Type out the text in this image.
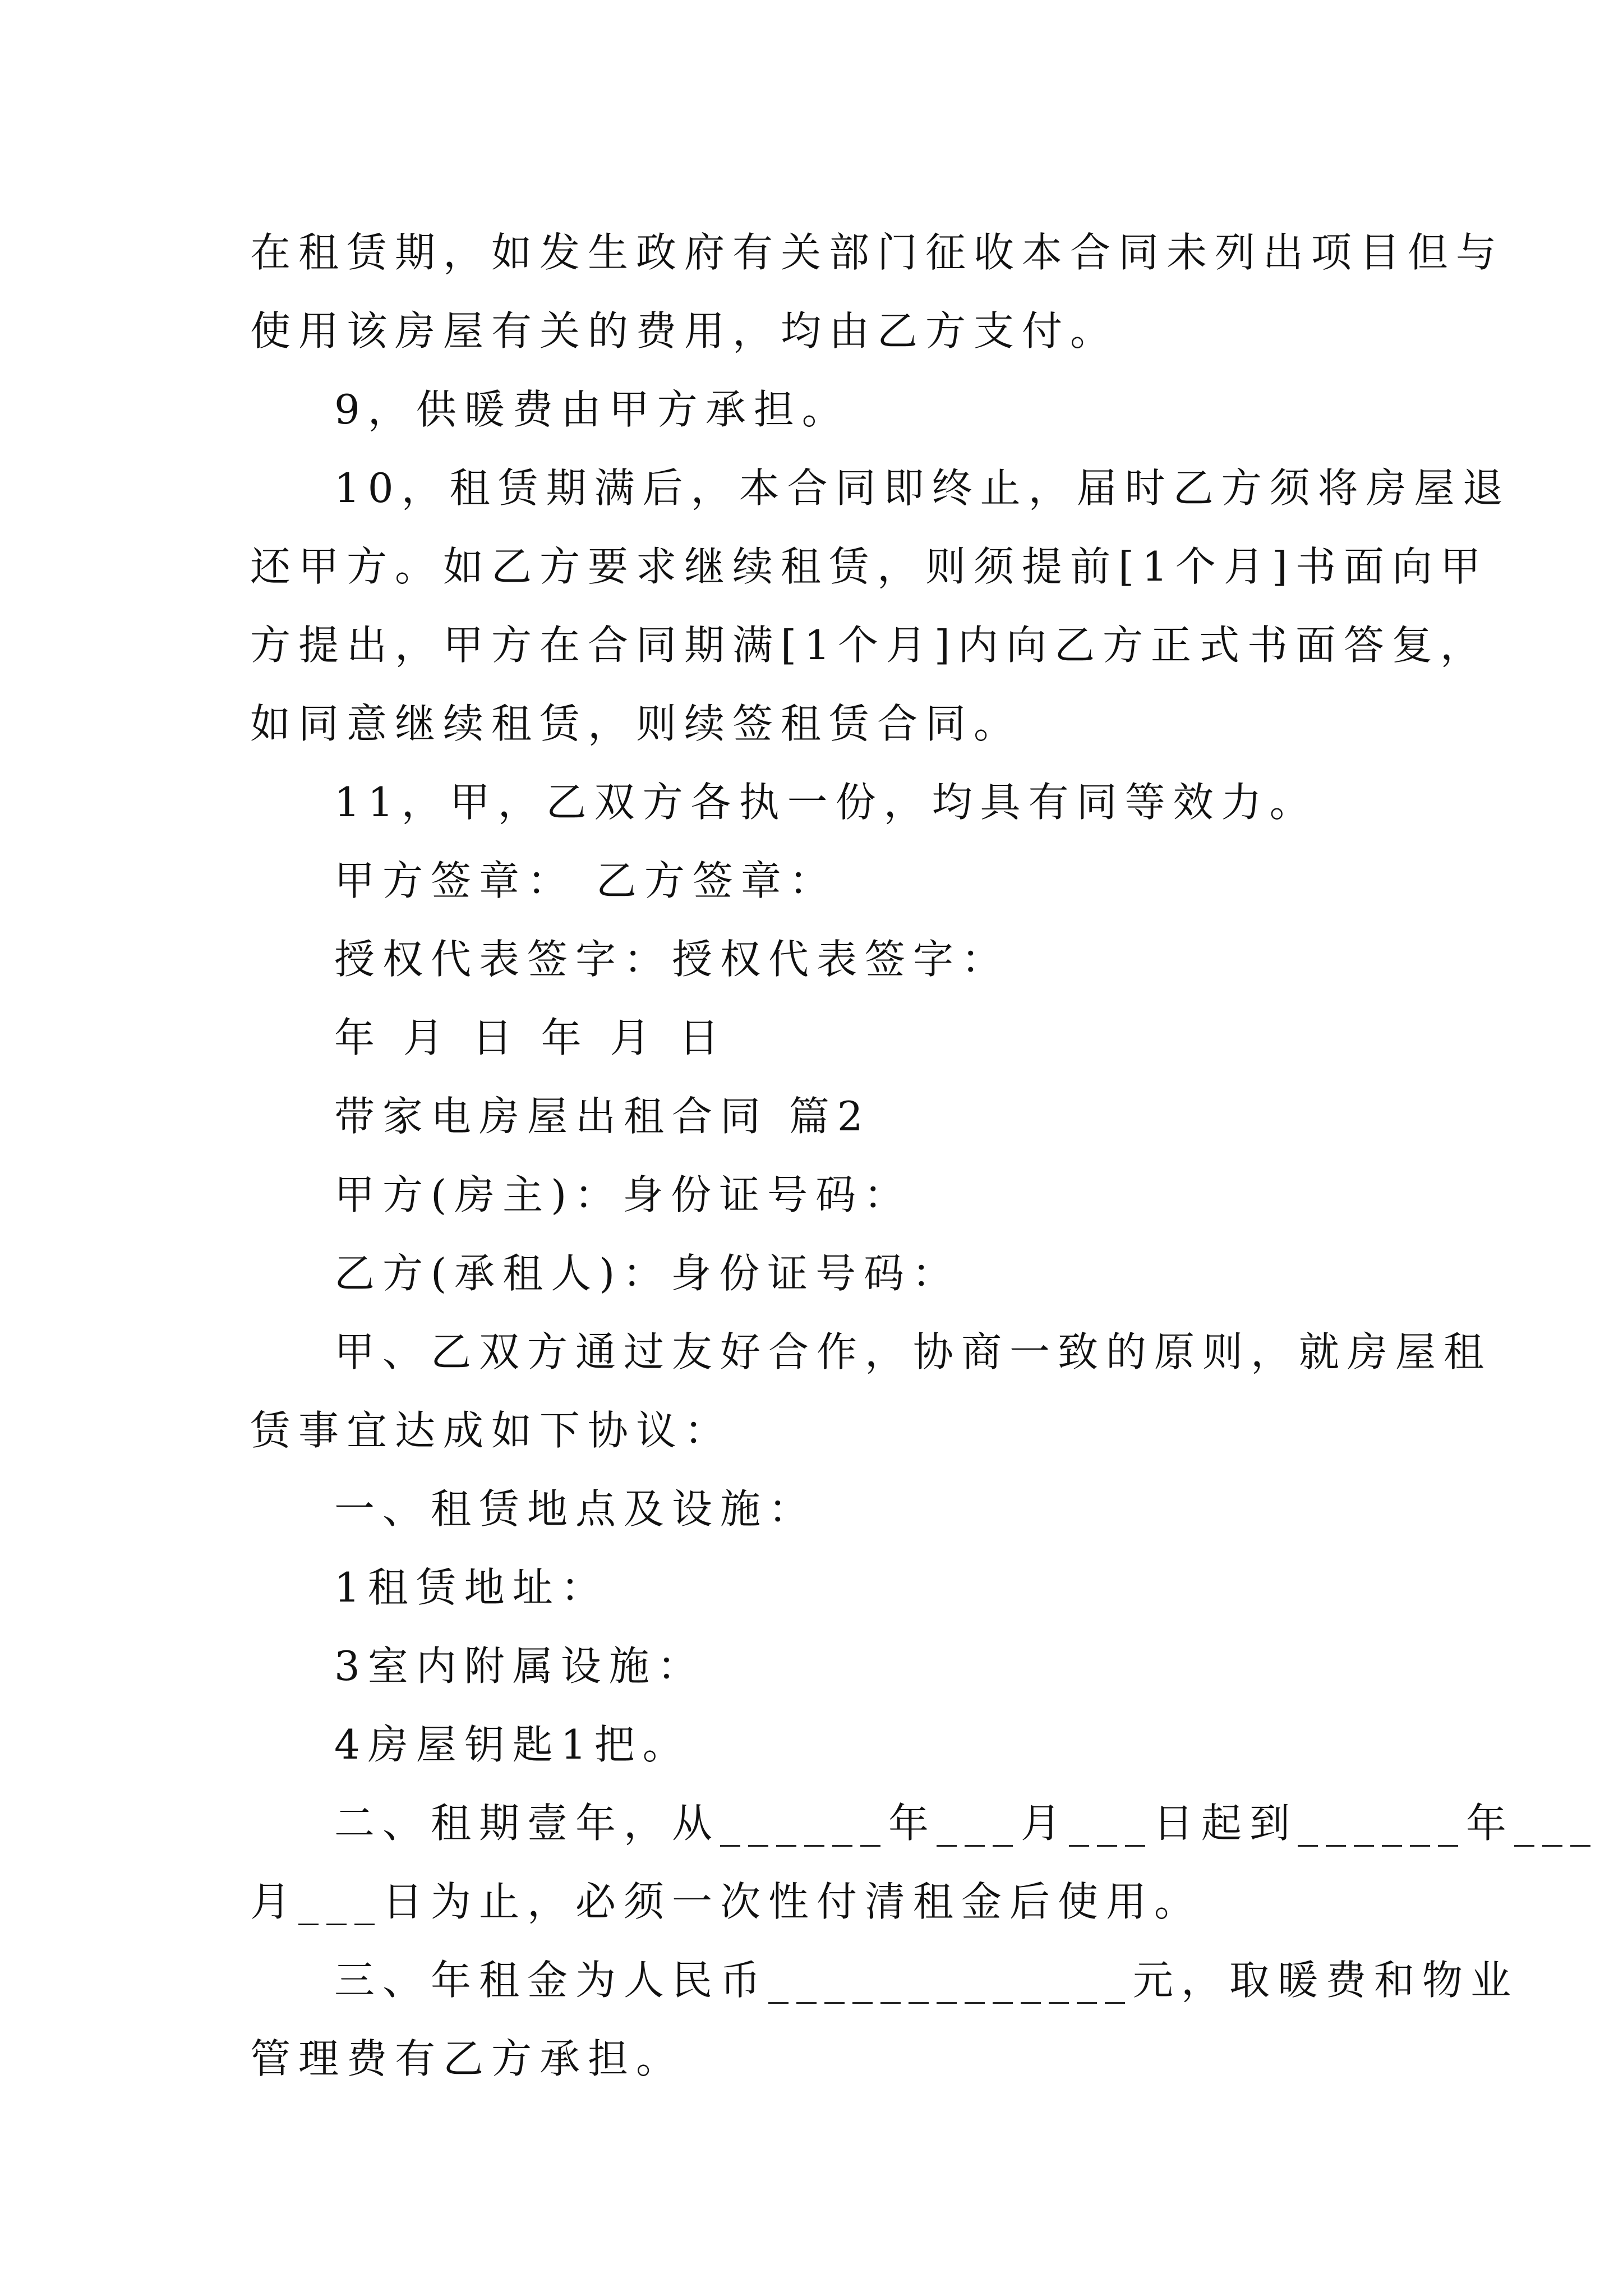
在租赁期，如发生政府有关部门征收本合同未列出项目但与

使用该房屋有关的费用，均由乙方支付。

9，供暖费由甲方承担。

10，租赁期满后，本合同即终止，届时乙方须将房屋退

还甲方。如乙方要求继续租赁，则须提前[1个月]书面向甲

方提出，甲方在合同期满[1个月]内向乙方正式书面答复，

如同意继续租赁，则续签租赁合同。

11，甲，乙双方各执一份，均具有同等效力。

甲方签章： 乙方签章：

授权代表签字：授权代表签字：

年 月 日 年 月 日

带家电房屋出租合同 篇2

甲方(房主)：身份证号码：

乙方(承租人)：身份证号码：

甲、乙双方通过友好合作，协商一致的原则，就房屋租

赁事宜达成如下协议：

一、租赁地点及设施：

1租赁地址：

3室内附属设施：

4房屋钥匙1把。

二、租期壹年，从______年___月___日起到______年___

月___日为止，必须一次性付清租金后使用。

三、年租金为人民币_____________元，取暖费和物业

管理费有乙方承担。
